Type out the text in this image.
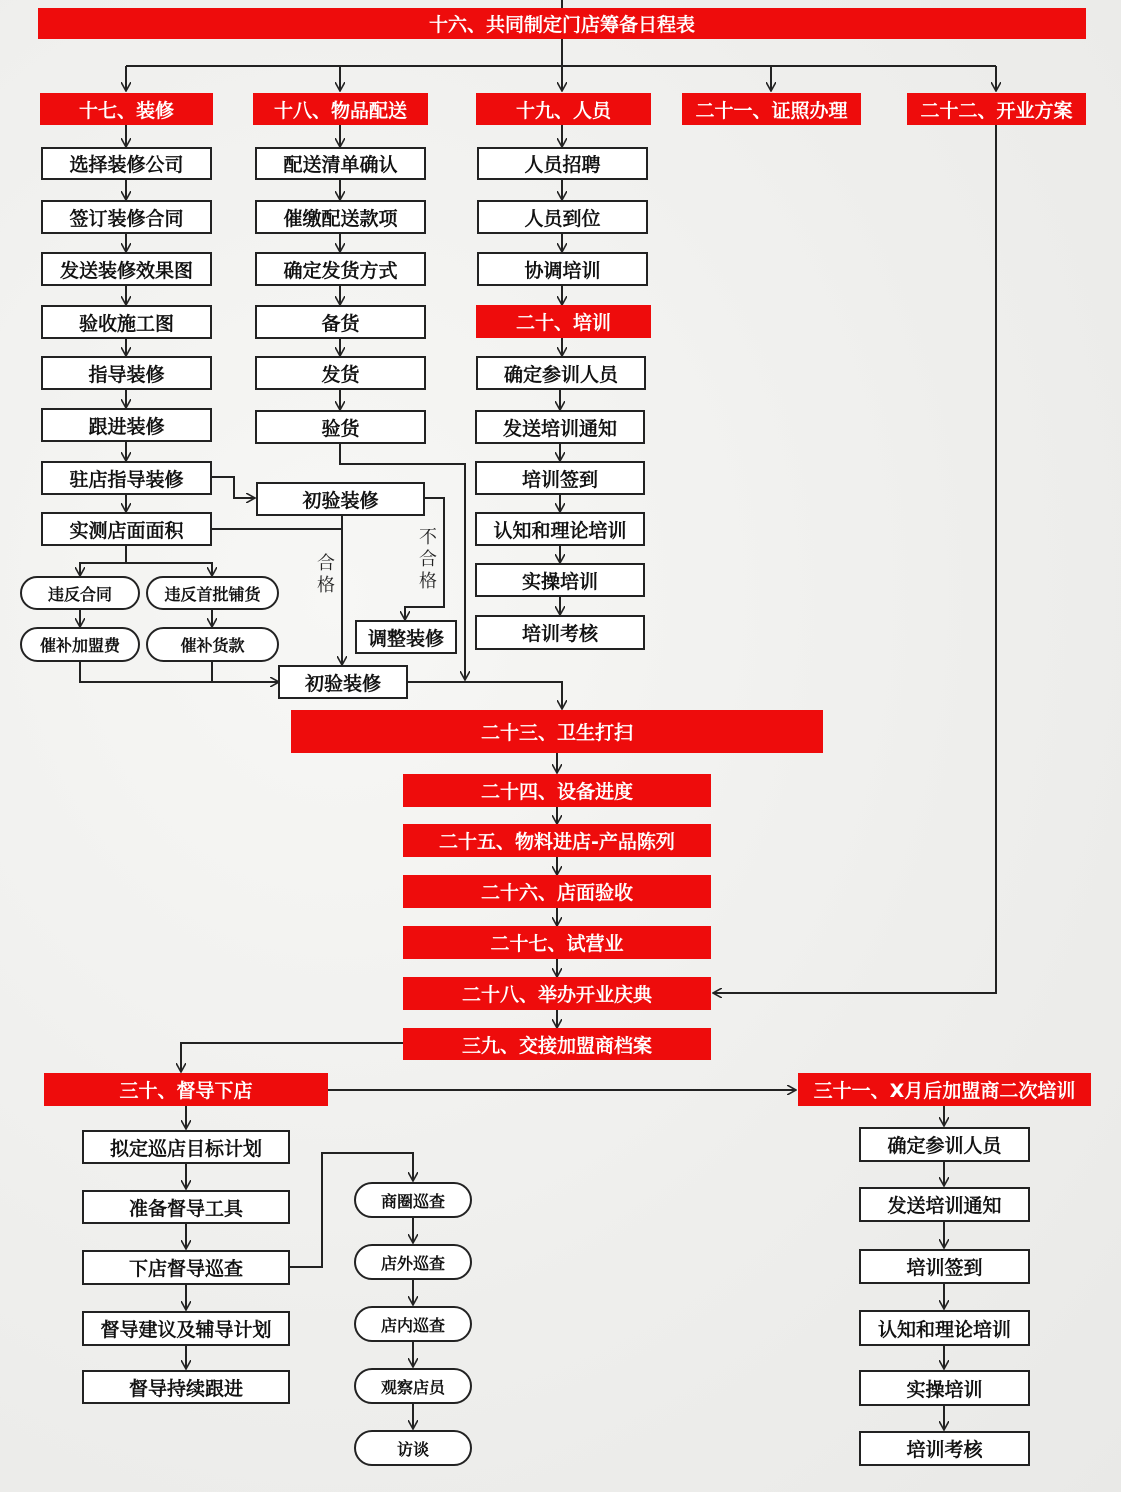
十六、共同制定门店筹备日程表
十七、装修	十八、物品配送	十九、人员	二十一、证照办理	二十二、开业方案
选择装修公司
签订装修合同
发送装修效果图
验收施工图
指导装修
跟进装修
驻店指导装修
实测店面面积
违反合同	违反首批铺货
催补加盟费	催补货款
配送清单确认
催缴配送款项
确定发货方式
备货
发货
验货
初验装修
调整装修
初验装修
合格
不合格
人员招聘
人员到位
协调培训
二十、培训
确定参训人员
发送培训通知
培训签到
认知和理论培训
实操培训
培训考核
二十三、卫生打扫
二十四、设备进度
二十五、物料进店-产品陈列
二十六、店面验收
二十七、试营业
二十八、举办开业庆典
三九、交接加盟商档案
三十、督导下店	三十一、X月后加盟商二次培训
拟定巡店目标计划
准备督导工具
下店督导巡查
督导建议及辅导计划
督导持续跟进
商圈巡查
店外巡查
店内巡查
观察店员
访谈
确定参训人员
发送培训通知
培训签到
认知和理论培训
实操培训
培训考核
